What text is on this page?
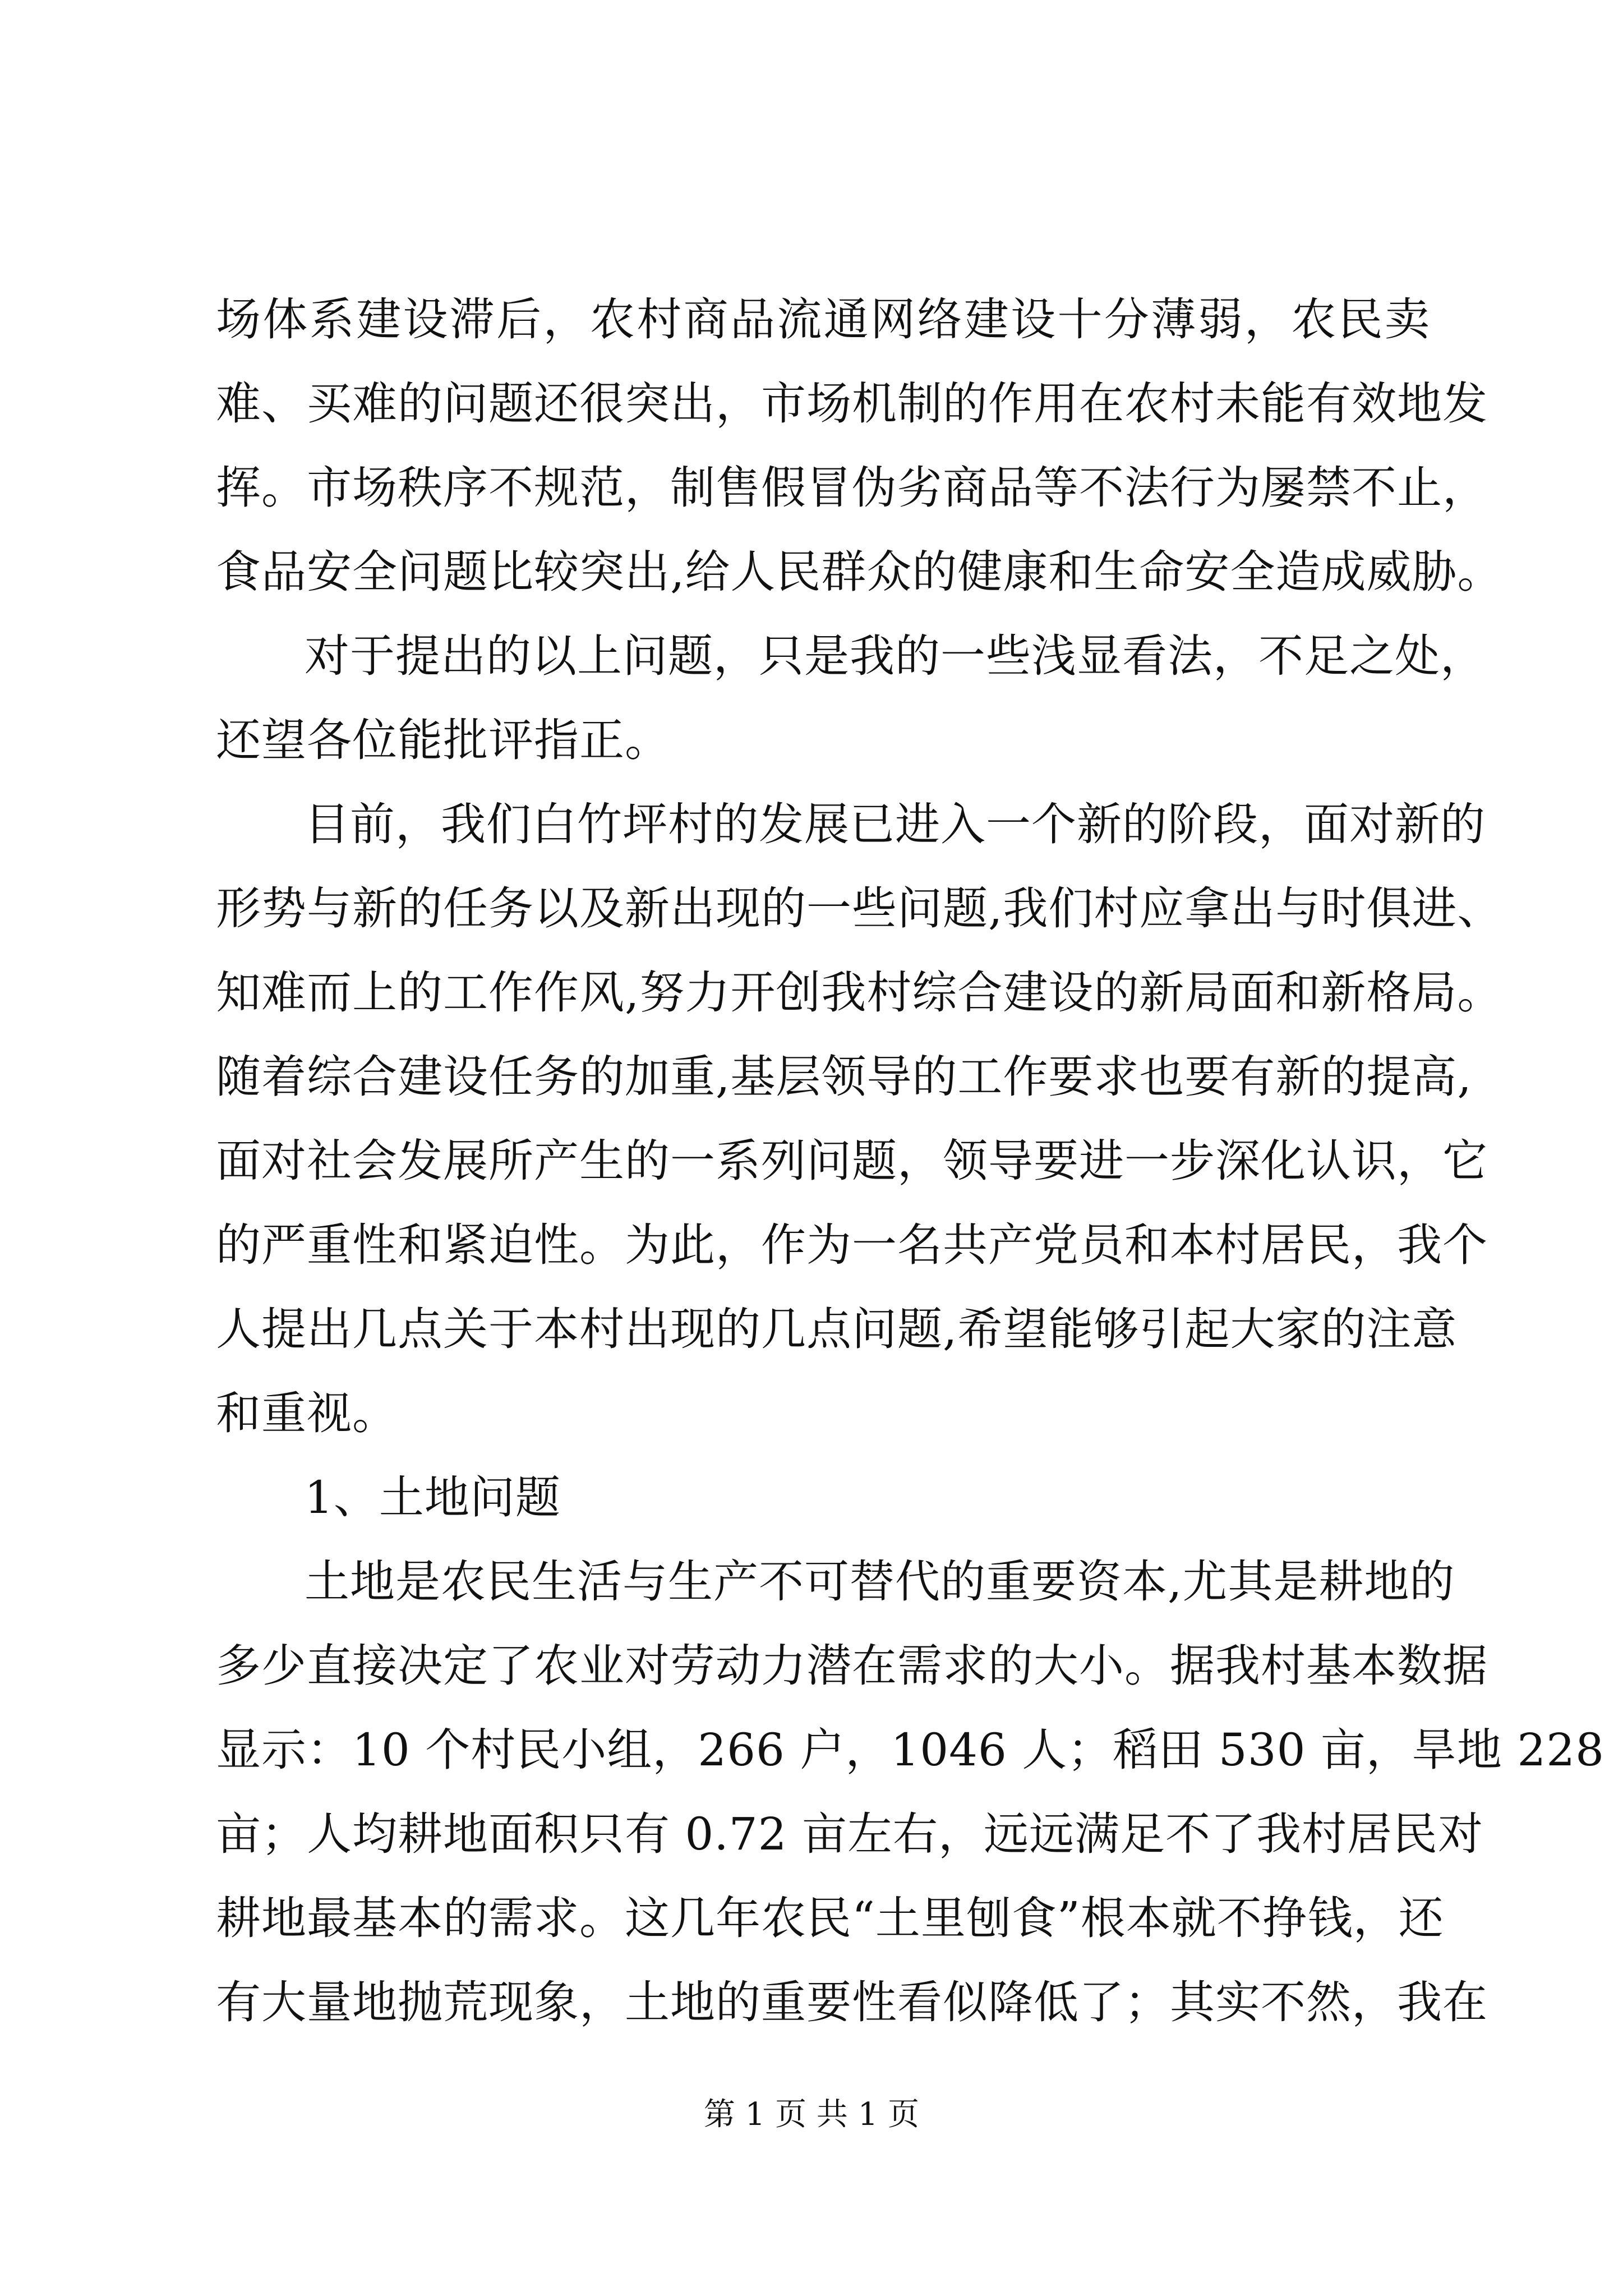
场体系建设滞后，农村商品流通网络建设十分薄弱，农民卖
难、买难的问题还很突出，市场机制的作用在农村未能有效地发
挥。市场秩序不规范，制售假冒伪劣商品等不法行为屡禁不止，
食品安全问题比较突出,给人民群众的健康和生命安全造成威胁。
对于提出的以上问题，只是我的一些浅显看法，不足之处，
还望各位能批评指正。
目前，我们白竹坪村的发展已进入一个新的阶段，面对新的
形势与新的任务以及新出现的一些问题,我们村应拿出与时俱进、
知难而上的工作作风,努力开创我村综合建设的新局面和新格局。
随着综合建设任务的加重,基层领导的工作要求也要有新的提高,
面对社会发展所产生的一系列问题，领导要进一步深化认识，它
的严重性和紧迫性。为此，作为一名共产党员和本村居民，我个
人提出几点关于本村出现的几点问题,希望能够引起大家的注意
和重视。
1、土地问题
土地是农民生活与生产不可替代的重要资本,尤其是耕地的
多少直接决定了农业对劳动力潜在需求的大小。据我村基本数据
显示：10 个村民小组，266 户，1046 人；稻田 530 亩，旱地 228
亩；人均耕地面积只有 0.72 亩左右，远远满足不了我村居民对
耕地最基本的需求。这几年农民“土里刨食”根本就不挣钱，还
有大量地抛荒现象，土地的重要性看似降低了；其实不然，我在
第 1 页 共 1 页
